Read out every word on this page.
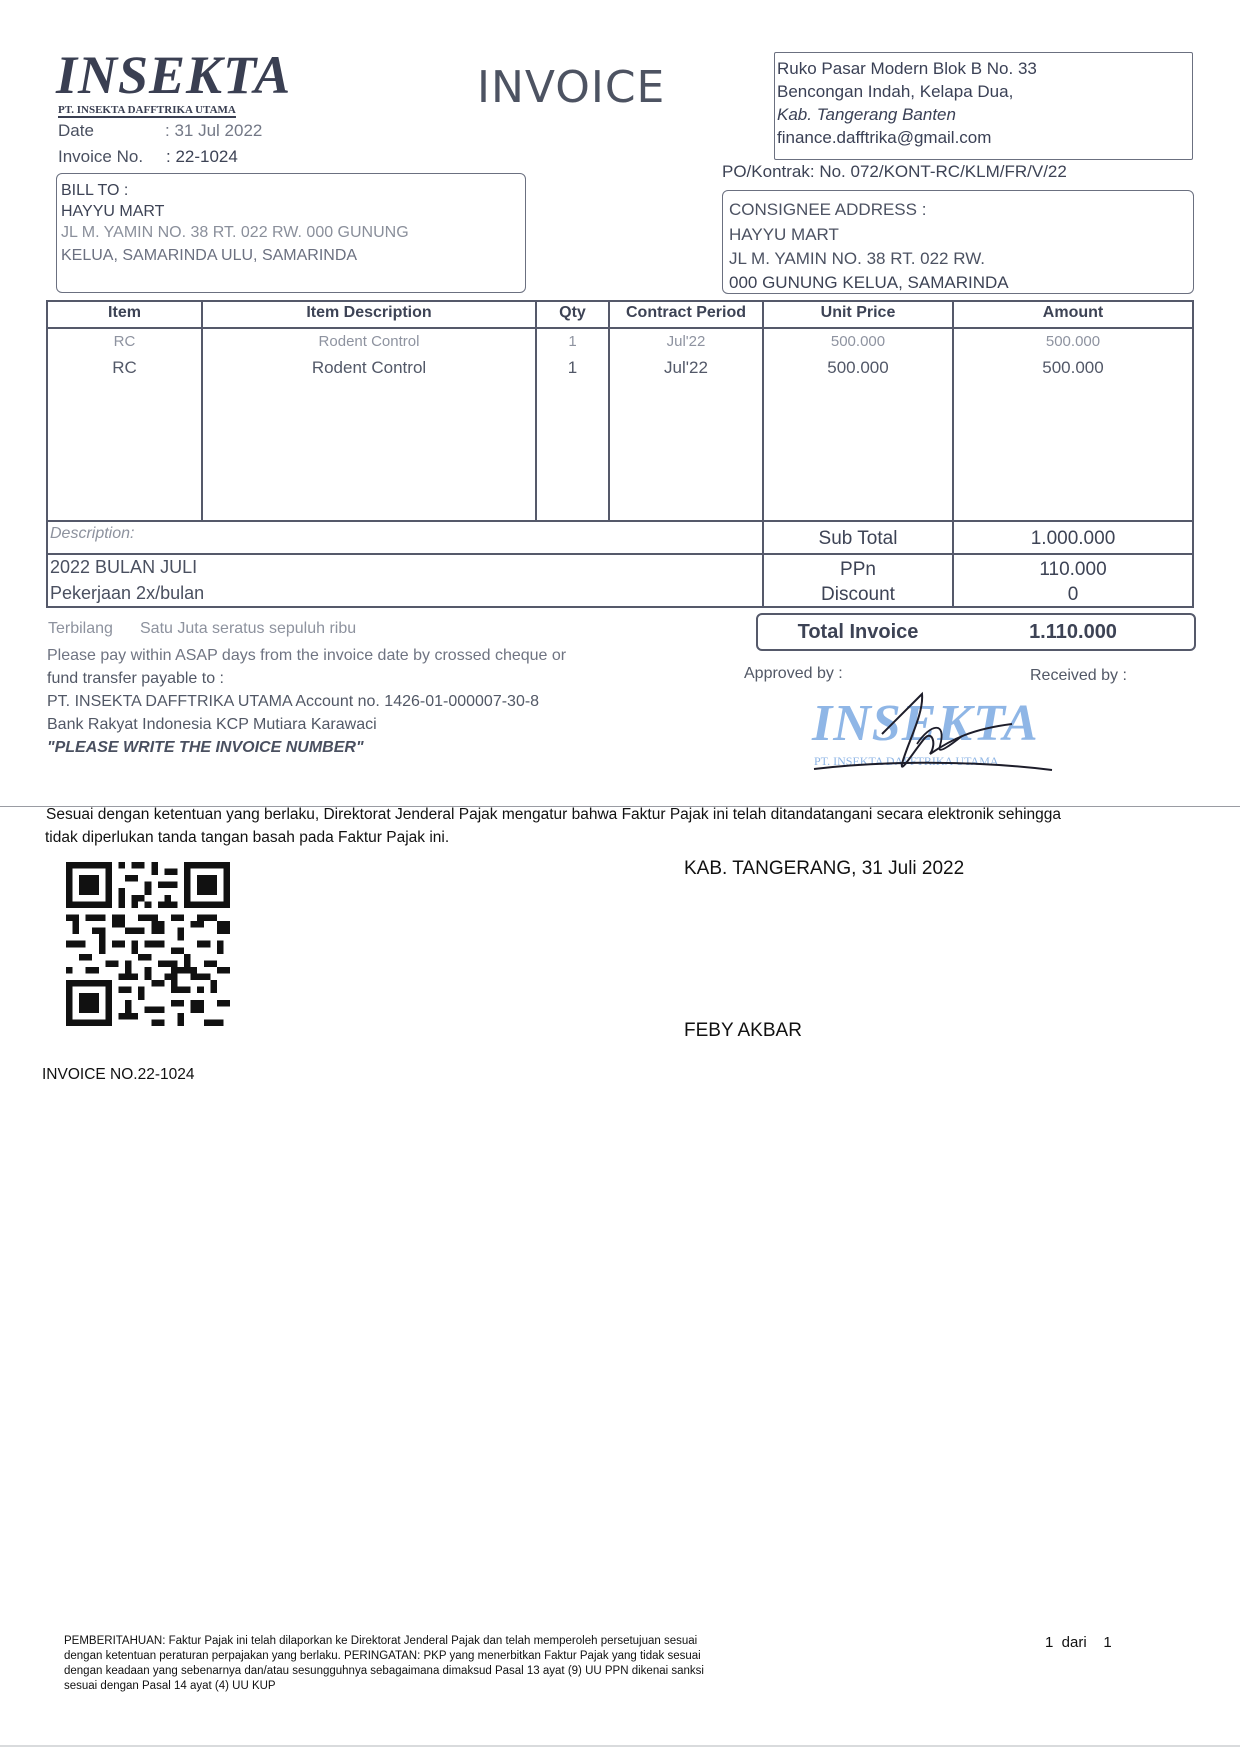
INSEKTA
PT. INSEKTA DAFFTRIKA UTAMA
Date	: 31 Jul 2022
Invoice No. : 22-1024
INVOICE	Ruko Pasar Modern Blok B No. 33
Bencongan Indah, Kelapa Dua,
Kab. Tangerang Banten
finance.dafftrika@gmail.com
PO/Kontrak: No. 072/KONT-RC/KLM/FR/V/22
BILL TO :
HAYYU MART
JL M. YAMIN NO. 38 RT. 022 RW. 000 GUNUNG
KELUA, SAMARINDA ULU, SAMARINDA
CONSIGNEE ADDRESS :
HAYYU MART
JL M. YAMIN NO. 38 RT. 022 RW.
000 GUNUNG KELUA, SAMARINDA
Item	Item Description	Qty	Contract Period	Unit Price	Amount
RC	Rodent Control	1	Jul'22	500.000	500.000
RC	Rodent Control	1	Jul'22	500.000	500.000
Description:
2022 BULAN JULI
Pekerjaan 2x/bulan
Sub Total	1.000.000
PPn	110.000
Discount	0
Total Invoice	1.110.000
Terbilang Satu Juta seratus sepuluh ribu
Please pay within ASAP days from the invoice date by crossed cheque or
fund transfer payable to :
PT. INSEKTA DAFFTRIKA UTAMA Account no. 1426-01-000007-30-8
Bank Rakyat Indonesia KCP Mutiara Karawaci
"PLEASE WRITE THE INVOICE NUMBER"
Approved by :	Received by :
INSEKTA
PT. INSEKTA DAFFTRIKA UTAMA
Sesuai dengan ketentuan yang berlaku, Direktorat Jenderal Pajak mengatur bahwa Faktur Pajak ini telah ditandatangani secara elektronik sehingga
tidak diperlukan tanda tangan basah pada Faktur Pajak ini.
KAB. TANGERANG, 31 Juli 2022
FEBY AKBAR
INVOICE NO.22-1024
PEMBERITAHUAN: Faktur Pajak ini telah dilaporkan ke Direktorat Jenderal Pajak dan telah memperoleh persetujuan sesuai
dengan ketentuan peraturan perpajakan yang berlaku. PERINGATAN: PKP yang menerbitkan Faktur Pajak yang tidak sesuai
dengan keadaan yang sebenarnya dan/atau sesungguhnya sebagaimana dimaksud Pasal 13 ayat (9) UU PPN dikenai sanksi
sesuai dengan Pasal 14 ayat (4) UU KUP
1  dari    1
